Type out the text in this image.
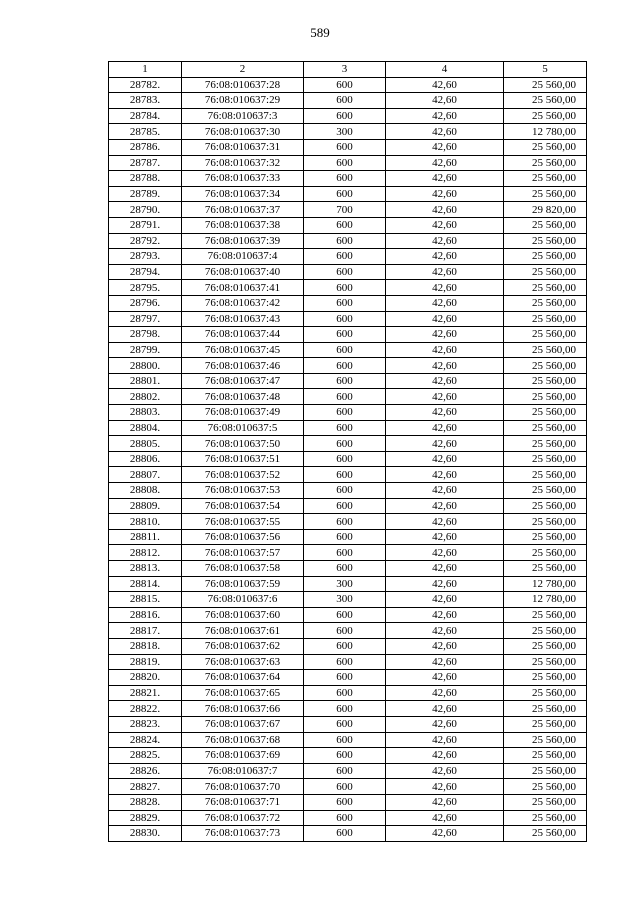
589
1	2	3	4	5
28782.	76:08:010637:28	600	42,60	25 560,00
28783.	76:08:010637:29	600	42,60	25 560,00
28784.	76:08:010637:3	600	42,60	25 560,00
28785.	76:08:010637:30	300	42,60	12 780,00
28786.	76:08:010637:31	600	42,60	25 560,00
28787.	76:08:010637:32	600	42,60	25 560,00
28788.	76:08:010637:33	600	42,60	25 560,00
28789.	76:08:010637:34	600	42,60	25 560,00
28790.	76:08:010637:37	700	42,60	29 820,00
28791.	76:08:010637:38	600	42,60	25 560,00
28792.	76:08:010637:39	600	42,60	25 560,00
28793.	76:08:010637:4	600	42,60	25 560,00
28794.	76:08:010637:40	600	42,60	25 560,00
28795.	76:08:010637:41	600	42,60	25 560,00
28796.	76:08:010637:42	600	42,60	25 560,00
28797.	76:08:010637:43	600	42,60	25 560,00
28798.	76:08:010637:44	600	42,60	25 560,00
28799.	76:08:010637:45	600	42,60	25 560,00
28800.	76:08:010637:46	600	42,60	25 560,00
28801.	76:08:010637:47	600	42,60	25 560,00
28802.	76:08:010637:48	600	42,60	25 560,00
28803.	76:08:010637:49	600	42,60	25 560,00
28804.	76:08:010637:5	600	42,60	25 560,00
28805.	76:08:010637:50	600	42,60	25 560,00
28806.	76:08:010637:51	600	42,60	25 560,00
28807.	76:08:010637:52	600	42,60	25 560,00
28808.	76:08:010637:53	600	42,60	25 560,00
28809.	76:08:010637:54	600	42,60	25 560,00
28810.	76:08:010637:55	600	42,60	25 560,00
28811.	76:08:010637:56	600	42,60	25 560,00
28812.	76:08:010637:57	600	42,60	25 560,00
28813.	76:08:010637:58	600	42,60	25 560,00
28814.	76:08:010637:59	300	42,60	12 780,00
28815.	76:08:010637:6	300	42,60	12 780,00
28816.	76:08:010637:60	600	42,60	25 560,00
28817.	76:08:010637:61	600	42,60	25 560,00
28818.	76:08:010637:62	600	42,60	25 560,00
28819.	76:08:010637:63	600	42,60	25 560,00
28820.	76:08:010637:64	600	42,60	25 560,00
28821.	76:08:010637:65	600	42,60	25 560,00
28822.	76:08:010637:66	600	42,60	25 560,00
28823.	76:08:010637:67	600	42,60	25 560,00
28824.	76:08:010637:68	600	42,60	25 560,00
28825.	76:08:010637:69	600	42,60	25 560,00
28826.	76:08:010637:7	600	42,60	25 560,00
28827.	76:08:010637:70	600	42,60	25 560,00
28828.	76:08:010637:71	600	42,60	25 560,00
28829.	76:08:010637:72	600	42,60	25 560,00
28830.	76:08:010637:73	600	42,60	25 560,00
